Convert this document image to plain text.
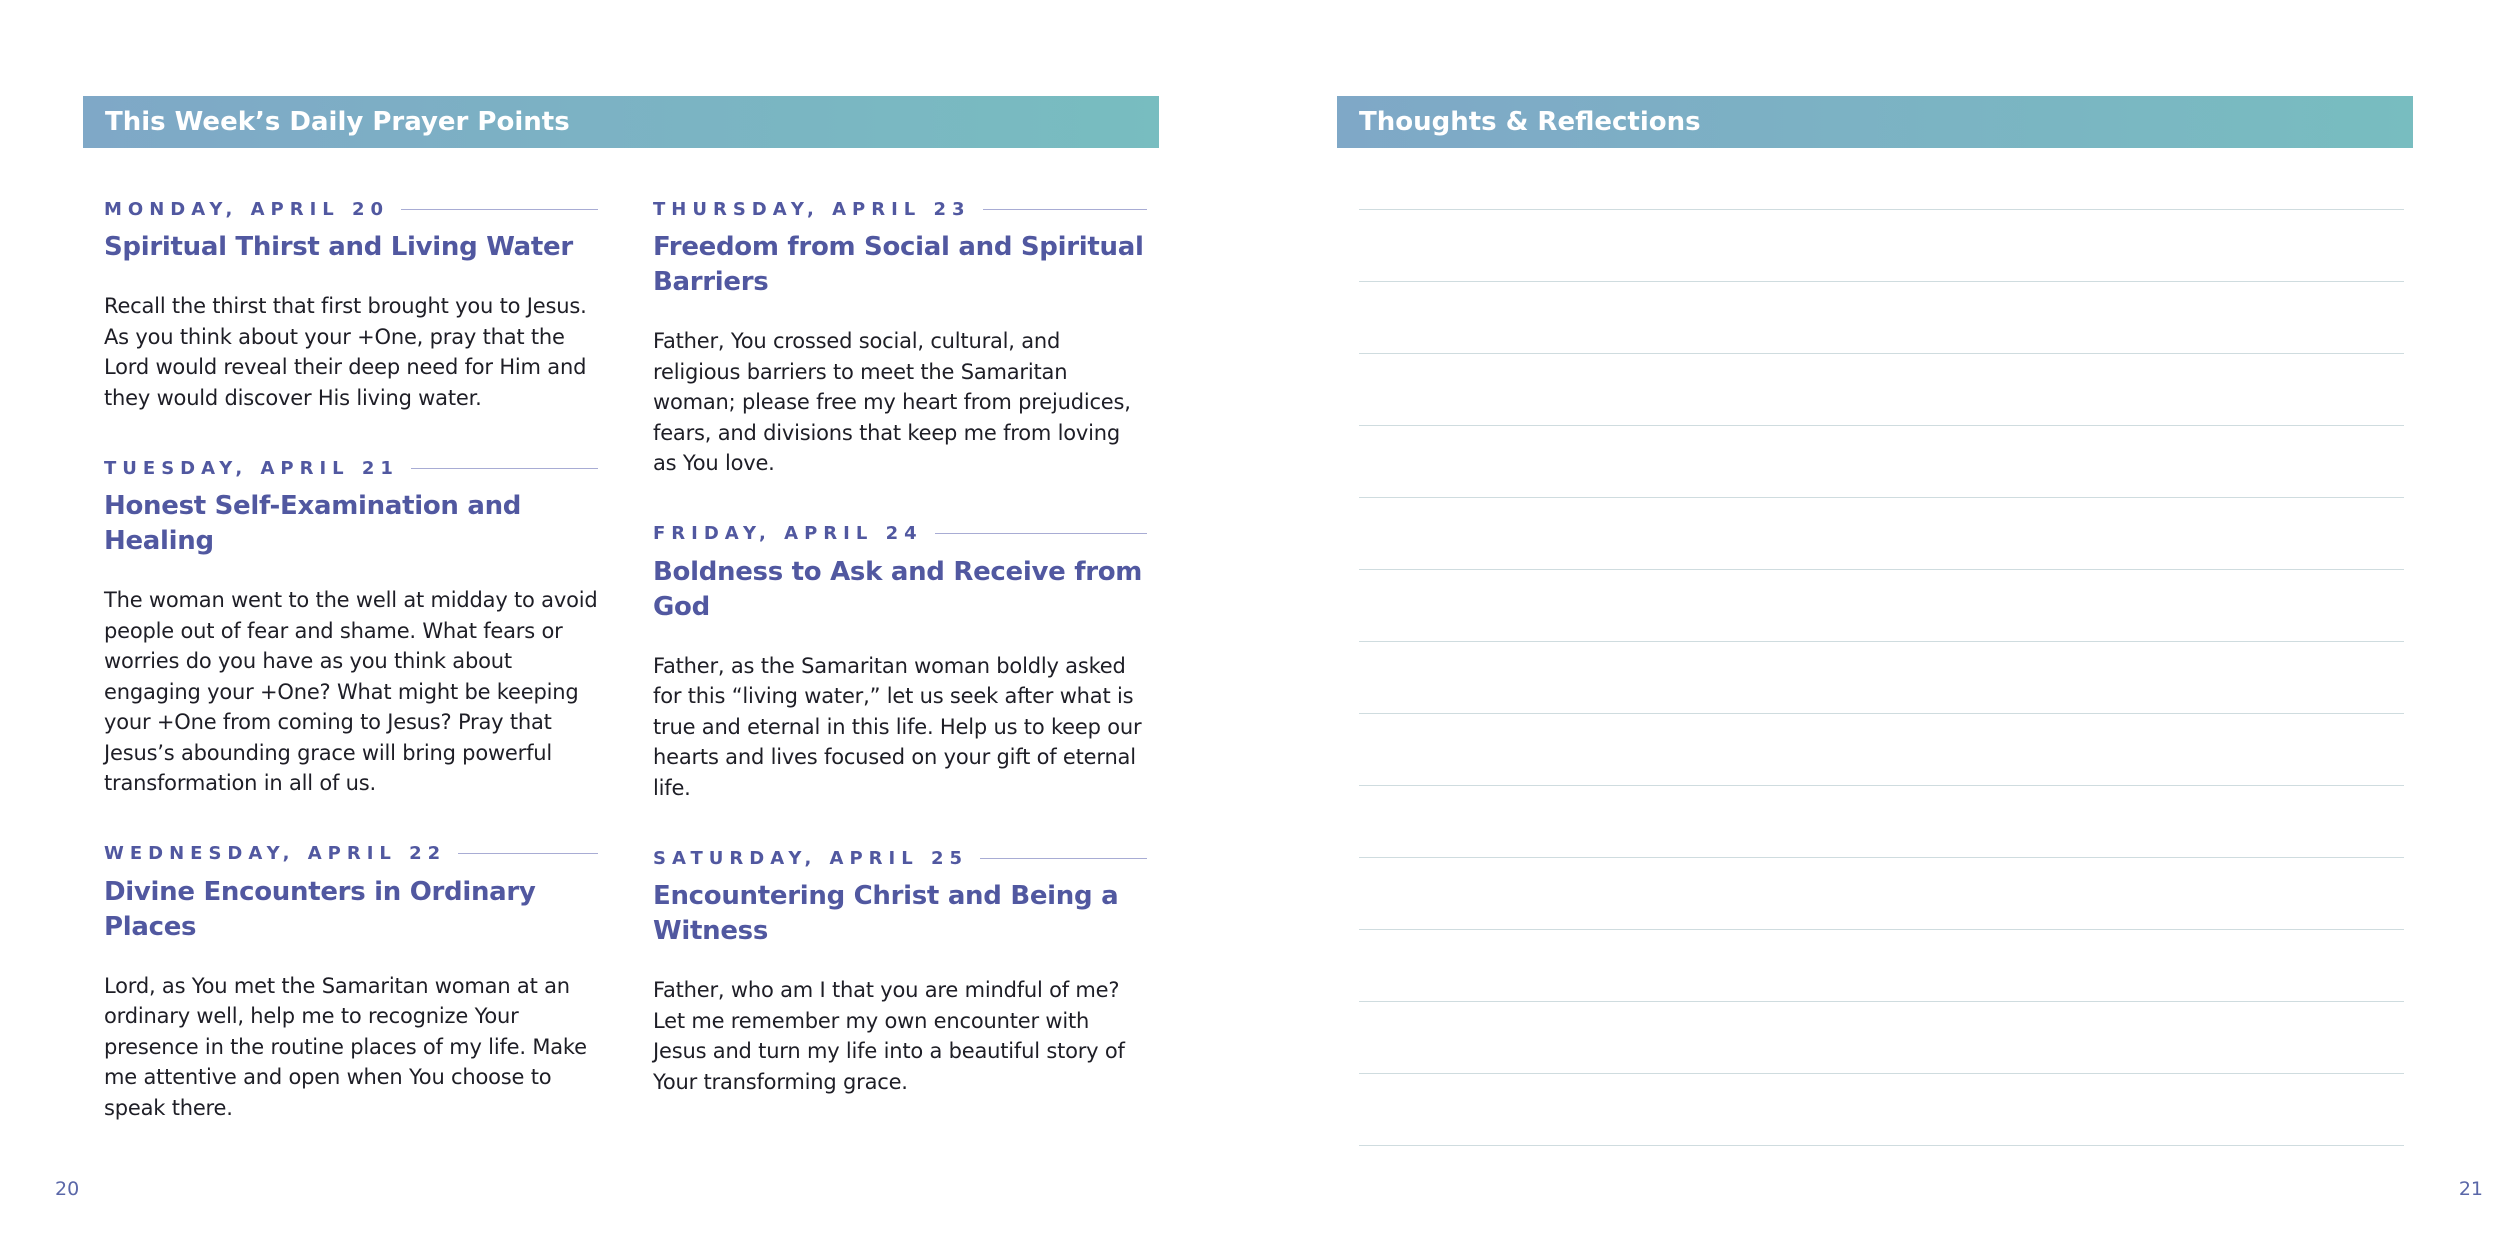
This Week’s Daily Prayer Points
MONDAY, APRIL 20
Spiritual Thirst and Living Water
Recall the thirst that first brought you to Jesus. As you think about your +One, pray that the Lord would reveal their deep need for Him and they would discover His living water.
TUESDAY, APRIL 21
Honest Self-Examination and Healing
The woman went to the well at midday to avoid people out of fear and shame. What fears or worries do you have as you think about engaging your +One? What might be keeping your +One from coming to Jesus? Pray that Jesus’s abounding grace will bring powerful transformation in all of us.
WEDNESDAY, APRIL 22
Divine Encounters in Ordinary Places
Lord, as You met the Samaritan woman at an ordinary well, help me to recognize Your presence in the routine places of my life. Make me attentive and open when You choose to speak there.
THURSDAY, APRIL 23
Freedom from Social and Spiritual Barriers
Father, You crossed social, cultural, and religious barriers to meet the Samaritan woman; please free my heart from prejudices, fears, and divisions that keep me from loving as You love.
FRIDAY, APRIL 24
Boldness to Ask and Receive from God
Father, as the Samaritan woman boldly asked for this “living water,” let us seek after what is true and eternal in this life. Help us to keep our hearts and lives focused on your gift of eternal life.
SATURDAY, APRIL 25
Encountering Christ and Being a Witness
Father, who am I that you are mindful of me? Let me remember my own encounter with Jesus and turn my life into a beautiful story of Your transforming grace.
20
Thoughts & Reflections
21
